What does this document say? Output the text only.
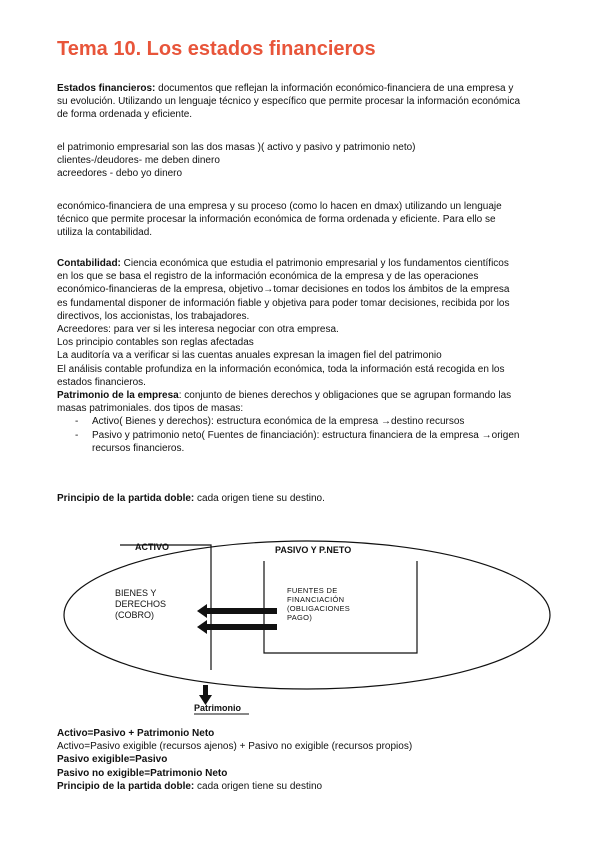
Tema 10. Los estados financieros
Estados financieros: documentos que reflejan la información económico-financiera de una empresa y
su evolución. Utilizando un lenguaje técnico y específico que permite procesar la información económica
de forma ordenada y eficiente.
el patrimonio empresarial son las dos masas )( activo y pasivo y patrimonio neto)
clientes-/deudores- me deben dinero
acreedores - debo yo dinero
económico-financiera de una empresa y su proceso (como lo hacen en dmax) utilizando un lenguaje
técnico que permite procesar la información económica de forma ordenada y eficiente. Para ello se
utiliza la contabilidad.
Contabilidad: Ciencia económica que estudia el patrimonio empresarial y los fundamentos científicos
en los que se basa el registro de la información económica de la empresa y de las operaciones
económico-financieras de la empresa, objetivo→tomar decisiones en todos los ámbitos de la empresa
es fundamental disponer de información fiable y objetiva para poder tomar decisiones, recibida por los
directivos, los accionistas, los trabajadores.
Acreedores: para ver si les interesa negociar con otra empresa.
Los principio contables son reglas afectadas
La auditoría va a verificar si las cuentas anuales expresan la imagen fiel del patrimonio
El análisis contable profundiza en la información económica, toda la información está recogida en los
estados financieros.
Patrimonio de la empresa: conjunto de bienes derechos y obligaciones que se agrupan formando las
masas patrimoniales. dos tipos de masas:
- Activo( Bienes y derechos): estructura económica de la empresa →destino recursos
- Pasivo y patrimonio neto( Fuentes de financiación): estructura financiera de la empresa →origen
recursos financieros.
Principio de la partida doble: cada origen tiene su destino.
ACTIVO	PASIVO Y P.NETO
BIENES Y
DERECHOS
(COBRO)
FUENTES DE
FINANCIACIÓN
(OBLIGACIONES
PAGO)
Patrimonio
Activo=Pasivo + Patrimonio Neto
Activo=Pasivo exigible (recursos ajenos) + Pasivo no exigible (recursos propios)
Pasivo exigible=Pasivo
Pasivo no exigible=Patrimonio Neto
Principio de la partida doble: cada origen tiene su destino
